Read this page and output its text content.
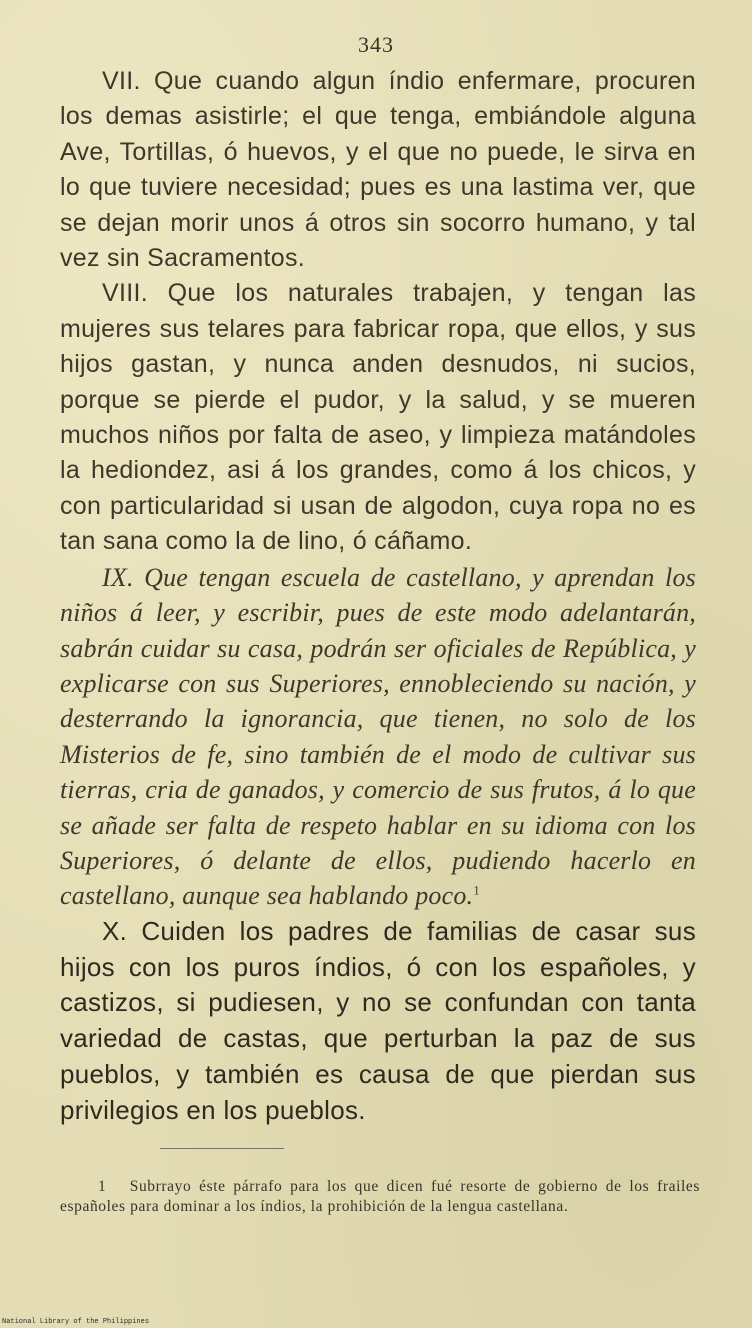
343

VII. Que cuando algun índio enfermare, procuren los demas asistirle; el que tenga, embiándole alguna Ave, Tortillas, ó huevos, y el que no puede, le sirva en lo que tuviere necesidad; pues es una lastima ver, que se dejan morir unos á otros sin socorro humano, y tal vez sin Sacramentos.

VIII. Que los naturales trabajen, y tengan las mujeres sus telares para fabricar ropa, que ellos, y sus hijos gastan, y nunca anden desnudos, ni sucios, porque se pierde el pudor, y la salud, y se mueren muchos niños por falta de aseo, y limpieza matándoles la hediondez, asi á los grandes, como á los chicos, y con particularidad si usan de algodon, cuya ropa no es tan sana como la de lino, ó cáñamo.

IX. Que tengan escuela de castellano, y aprendan los niños á leer, y escribir, pues de este modo adelantarán, sabrán cuidar su casa, podrán ser oficiales de República, y explicarse con sus Superiores, ennobleciendo su nación, y desterrando la ignorancia, que tienen, no solo de los Misterios de fe, sino también de el modo de cultivar sus tierras, cria de ganados, y comercio de sus frutos, á lo que se añade ser falta de respeto hablar en su idioma con los Superiores, ó delante de ellos, pudiendo hacerlo en castellano, aunque sea hablando poco.$^1$

X. Cuiden los padres de familias de casar sus hijos con los puros índios, ó con los españoles, y castizos, si pudiesen, y no se confundan con tanta variedad de castas, que perturban la paz de sus pueblos, y también es causa de que pierdan sus privilegios en los pueblos.

1 Subrrayo éste párrafo para los que dicen fué resorte de gobierno de los frailes españoles para dominar a los índios, la prohibición de la lengua castellana.

National Library of the Philippines
